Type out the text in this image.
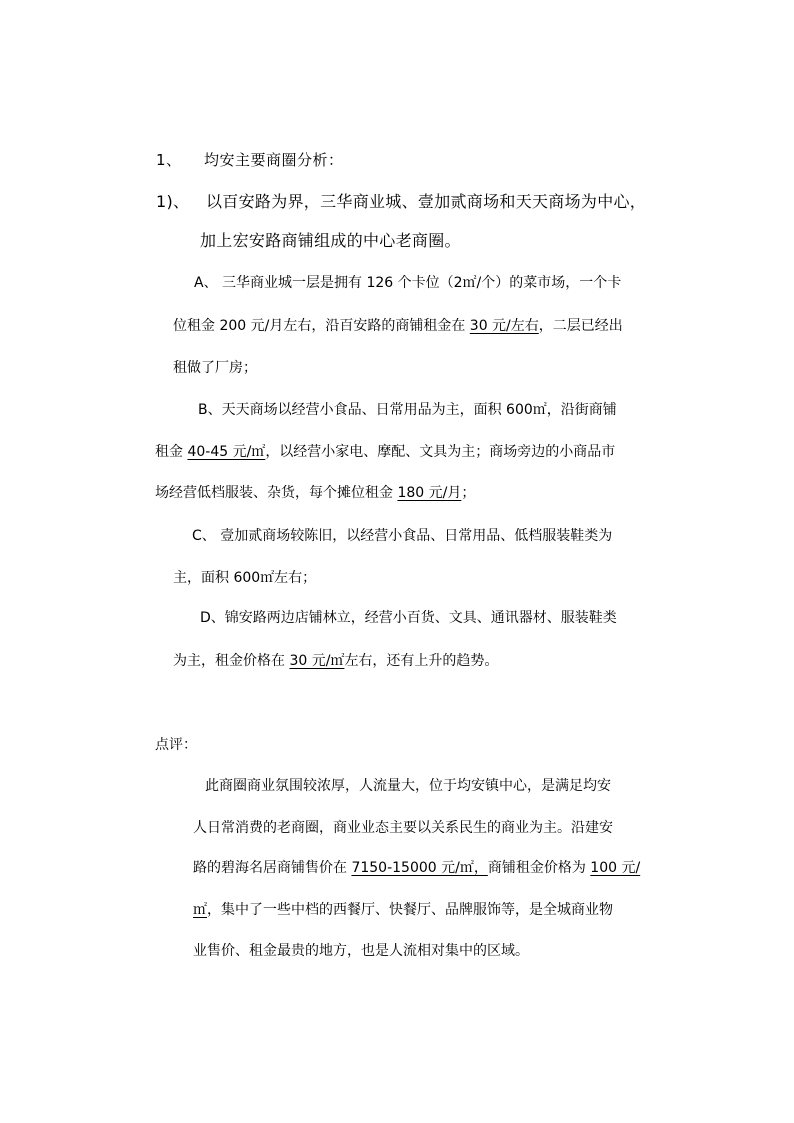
1、 均安主要商圈分析：
1)、 以百安路为界，三华商业城、壹加贰商场和天天商场为中心，
加上宏安路商铺组成的中心老商圈。
A、 三华商业城一层是拥有 126 个卡位（2㎡/个）的菜市场，一个卡
位租金 200 元/月左右，沿百安路的商铺租金在 30 元/左右，二层已经出
租做了厂房；
B、天天商场以经营小食品、日常用品为主，面积 600㎡，沿街商铺
租金 40-45 元/㎡，以经营小家电、摩配、文具为主；商场旁边的小商品市
场经营低档服装、杂货，每个摊位租金 180 元/月；
C、 壹加贰商场较陈旧，以经营小食品、日常用品、低档服装鞋类为
主，面积 600㎡左右；
D、锦安路两边店铺林立，经营小百货、文具、通讯器材、服装鞋类
为主，租金价格在 30 元/㎡左右，还有上升的趋势。
点评：
此商圈商业氛围较浓厚，人流量大，位于均安镇中心，是满足均安
人日常消费的老商圈，商业业态主要以关系民生的商业为主。沿建安
路的碧海名居商铺售价在 7150-15000 元/㎡，商铺租金价格为 100 元/
㎡，集中了一些中档的西餐厅、快餐厅、品牌服饰等，是全城商业物
业售价、租金最贵的地方，也是人流相对集中的区域。
